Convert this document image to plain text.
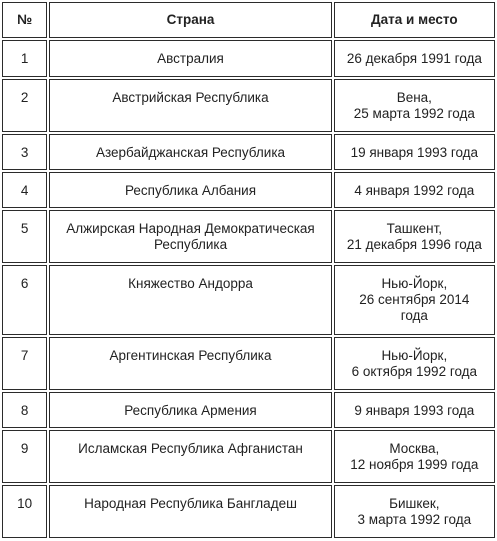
№	Страна	Дата и место
1	Австралия	26 декабря 1991 года
2	Австрийская Республика	Вена,
25 марта 1992 года
3	Азербайджанская Республика	19 января 1993 года
4	Республика Албания	4 января 1992 года
5	Алжирская Народная Демократическая
Республика	Ташкент,
21 декабря 1996 года
6	Княжество Андорра	Нью-Йорк,
26 сентября 2014
года
7	Аргентинская Республика	Нью-Йорк,
6 октября 1992 года
8	Республика Армения	9 января 1993 года
9	Исламская Республика Афганистан	Москва,
12 ноября 1999 года
10	Народная Республика Бангладеш	Бишкек,
3 марта 1992 года
